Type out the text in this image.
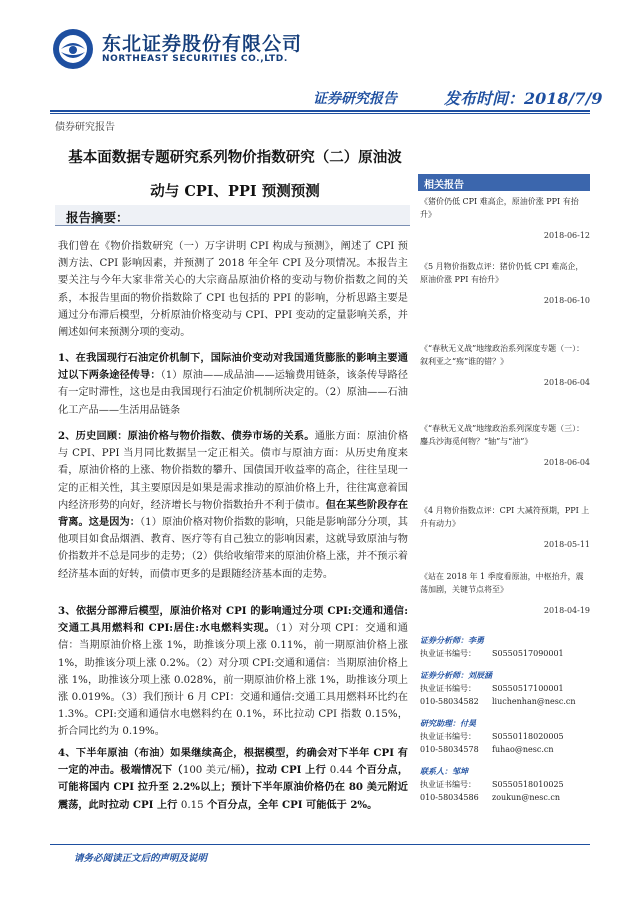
东北证券股份有限公司
NORTHEAST SECURITIES CO.,LTD.
证券研究报告	发布时间：2018/7/9
债券研究报告
基本面数据专题研究系列物价指数研究（二）原油波
动与 CPI、PPI 预测预测
报告摘要：

我们曾在《物价指数研究（一）万字讲明 CPI 构成与预测》，阐述了 CPI 预测方法、CPI 影响因素，并预测了 2018 年全年 CPI 及分项情况。本报告主要关注与今年大家非常关心的大宗商品原油价格的变动与物价指数之间的关系，本报告里面的物价指数除了 CPI 也包括的 PPI 的影响，分析思路主要是通过分布滞后模型，分析原油价格变动与 CPI、PPI 变动的定量影响关系，并阐述如何来预测分项的变动。

1、在我国现行石油定价机制下，国际油价变动对我国通货膨胀的影响主要通过以下两条途径传导：（1）原油——成品油——运输费用链条，该条传导路径有一定时滞性，这也是由我国现行石油定价机制所决定的。（2）原油——石油化工产品——生活用品链条

2、历史回顾：原油价格与物价指数、债券市场的关系。通胀方面：原油价格与 CPI、PPI 当月同比数据呈一定正相关。债市与原油方面：从历史角度来看，原油价格的上涨、物价指数的攀升、国债国开收益率的高企，往往呈现一定的正相关性，其主要原因是如果是需求推动的原油价格上升，往往寓意着国内经济形势的向好，经济增长与物价指数抬升不利于债市。但在某些阶段存在背离。这是因为：（1）原油价格对物价指数的影响，只能是影响部分分项，其他项目如食品烟酒、教育、医疗等有自己独立的影响因素，这就导致原油与物价指数并不总是同步的走势；（2）供给收缩带来的原油价格上涨，并不预示着经济基本面的好转，而债市更多的是跟随经济基本面的走势。

3、依据分部滞后模型，原油价格对 CPI 的影响通过分项 CPI:交通和通信:交通工具用燃料和 CPI:居住:水电燃料实现。（1）对分项 CPI：交通和通信：当期原油价格上涨 1%，助推该分项上涨 0.11%，前一期原油价格上涨 1%，助推该分项上涨 0.2%。（2）对分项 CPI:交通和通信：当期原油价格上涨 1%，助推该分项上涨 0.028%，前一期原油价格上涨 1%，助推该分项上涨 0.019%。（3）我们预计 6 月 CPI：交通和通信:交通工具用燃料环比约在 1.3%。CPI:交通和通信水电燃料约在 0.1%，环比拉动 CPI 指数 0.15%，折合同比约为 0.19%。

4、下半年原油（布油）如果继续高企，根据模型，约确会对下半年 CPI 有一定的冲击。极端情况下（100 美元/桶），拉动 CPI 上行 0.44 个百分点，可能将国内 CPI 拉升至 2.2%以上；预计下半年原油价格仍在 80 美元附近震荡，此时拉动 CPI 上行 0.15 个百分点，全年 CPI 可能低于 2%。

相关报告

《猪价仍低 CPI 难高企，原油价涨 PPI 有抬升》

2018-06-12

《5 月物价指数点评：猪价仍低 CPI 难高企，原油价涨 PPI 有抬升》

2018-06-10

《“春秋无义战”地缘政治系列深度专题（一）：叙利亚之“殇”谁的错？》

2018-06-04

《“春秋无义战”地缘政治系列深度专题（三）：鏖兵沙海觅何物？“轴”与“油”》

2018-06-04

《4 月物价指数点评：CPI 大减符预期，PPI 上升有动力》

2018-05-11

《站在 2018 年 1 季度看原油，中枢抬升，震荡加剧，关键节点将至》

2018-04-19
证券分析师：李勇
执业证书编号：	S0550517090001
证券分析师：刘辰涵
执业证书编号：	S0550517100001
010-58034582	liuchenhan@nesc.cn
研究助理：付昊
执业证书编号：	S0550118020005
010-58034578	fuhao@nesc.cn
联系人：邹坤
执业证书编号：	S0550518010025
010-58034586	zoukun@nesc.cn
请务必阅读正文后的声明及说明
